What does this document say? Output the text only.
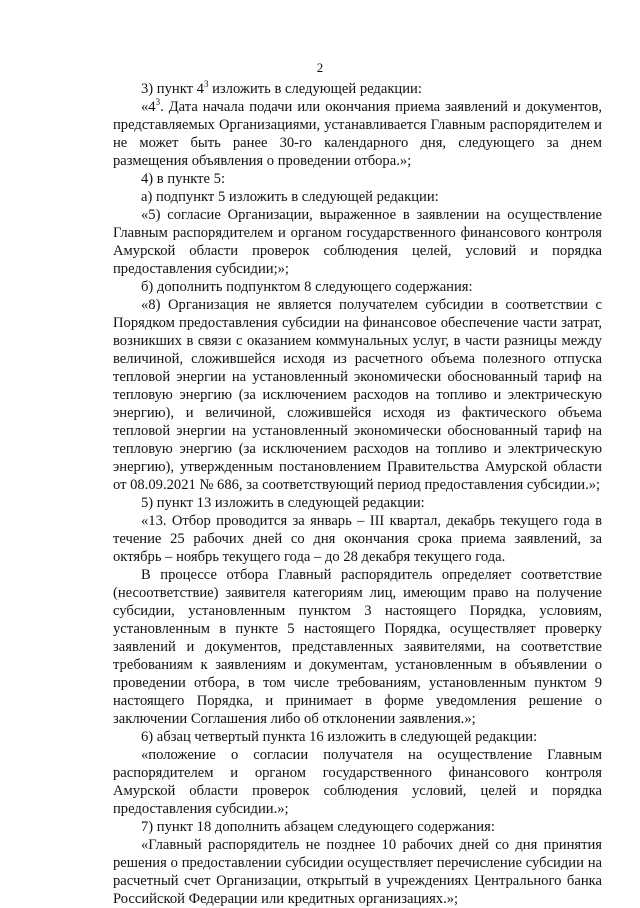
2

3) пункт $4^3$ изложить в следующей редакции:

«$4^3$. Дата начала подачи или окончания приема заявлений и документов, представляемых Организациями, устанавливается Главным распорядителем и не может быть ранее 30-го календарного дня, следующего за днем размещения объявления о проведении отбора.»;

4) в пункте 5:

а) подпункт 5 изложить в следующей редакции:

«5) согласие Организации, выраженное в заявлении на осуществление Главным распорядителем и органом государственного финансового контроля Амурской области проверок соблюдения целей, условий и порядка предоставления субсидии;»;

б) дополнить подпунктом 8 следующего содержания:

«8) Организация не является получателем субсидии в соответствии с Порядком предоставления субсидии на финансовое обеспечение части затрат, возникших в связи с оказанием коммунальных услуг, в части разницы между величиной, сложившейся исходя из расчетного объема полезного отпуска тепловой энергии на установленный экономически обоснованный тариф на тепловую энергию (за исключением расходов на топливо и электрическую энергию), и величиной, сложившейся исходя из фактического объема тепловой энергии на установленный экономически обоснованный тариф на тепловую энергию (за исключением расходов на топливо и электрическую энергию), утвержденным постановлением Правительства Амурской области от 08.09.2021 № 686, за соответствующий период предоставления субсидии.»;

5) пункт 13 изложить в следующей редакции:

«13. Отбор проводится за январь – III квартал, декабрь текущего года в течение 25 рабочих дней со дня окончания срока приема заявлений, за октябрь – ноябрь текущего года – до 28 декабря текущего года.

В процессе отбора Главный распорядитель определяет соответствие (несоответствие) заявителя категориям лиц, имеющим право на получение субсидии, установленным пунктом 3 настоящего Порядка, условиям, установленным в пункте 5 настоящего Порядка, осуществляет проверку заявлений и документов, представленных заявителями, на соответствие требованиям к заявлениям и документам, установленным в объявлении о проведении отбора, в том числе требованиям, установленным пунктом 9 настоящего Порядка, и принимает в форме уведомления решение о заключении Соглашения либо об отклонении заявления.»;

6) абзац четвертый пункта 16 изложить в следующей редакции:

«положение о согласии получателя на осуществление Главным распорядителем и органом государственного финансового контроля Амурской области проверок соблюдения условий, целей и порядка предоставления субсидии.»;

7) пункт 18 дополнить абзацем следующего содержания:

«Главный распорядитель не позднее 10 рабочих дней со дня принятия решения о предоставлении субсидии осуществляет перечисление субсидии на расчетный счет Организации, открытый в учреждениях Центрального банка Российской Федерации или кредитных организациях.»;
